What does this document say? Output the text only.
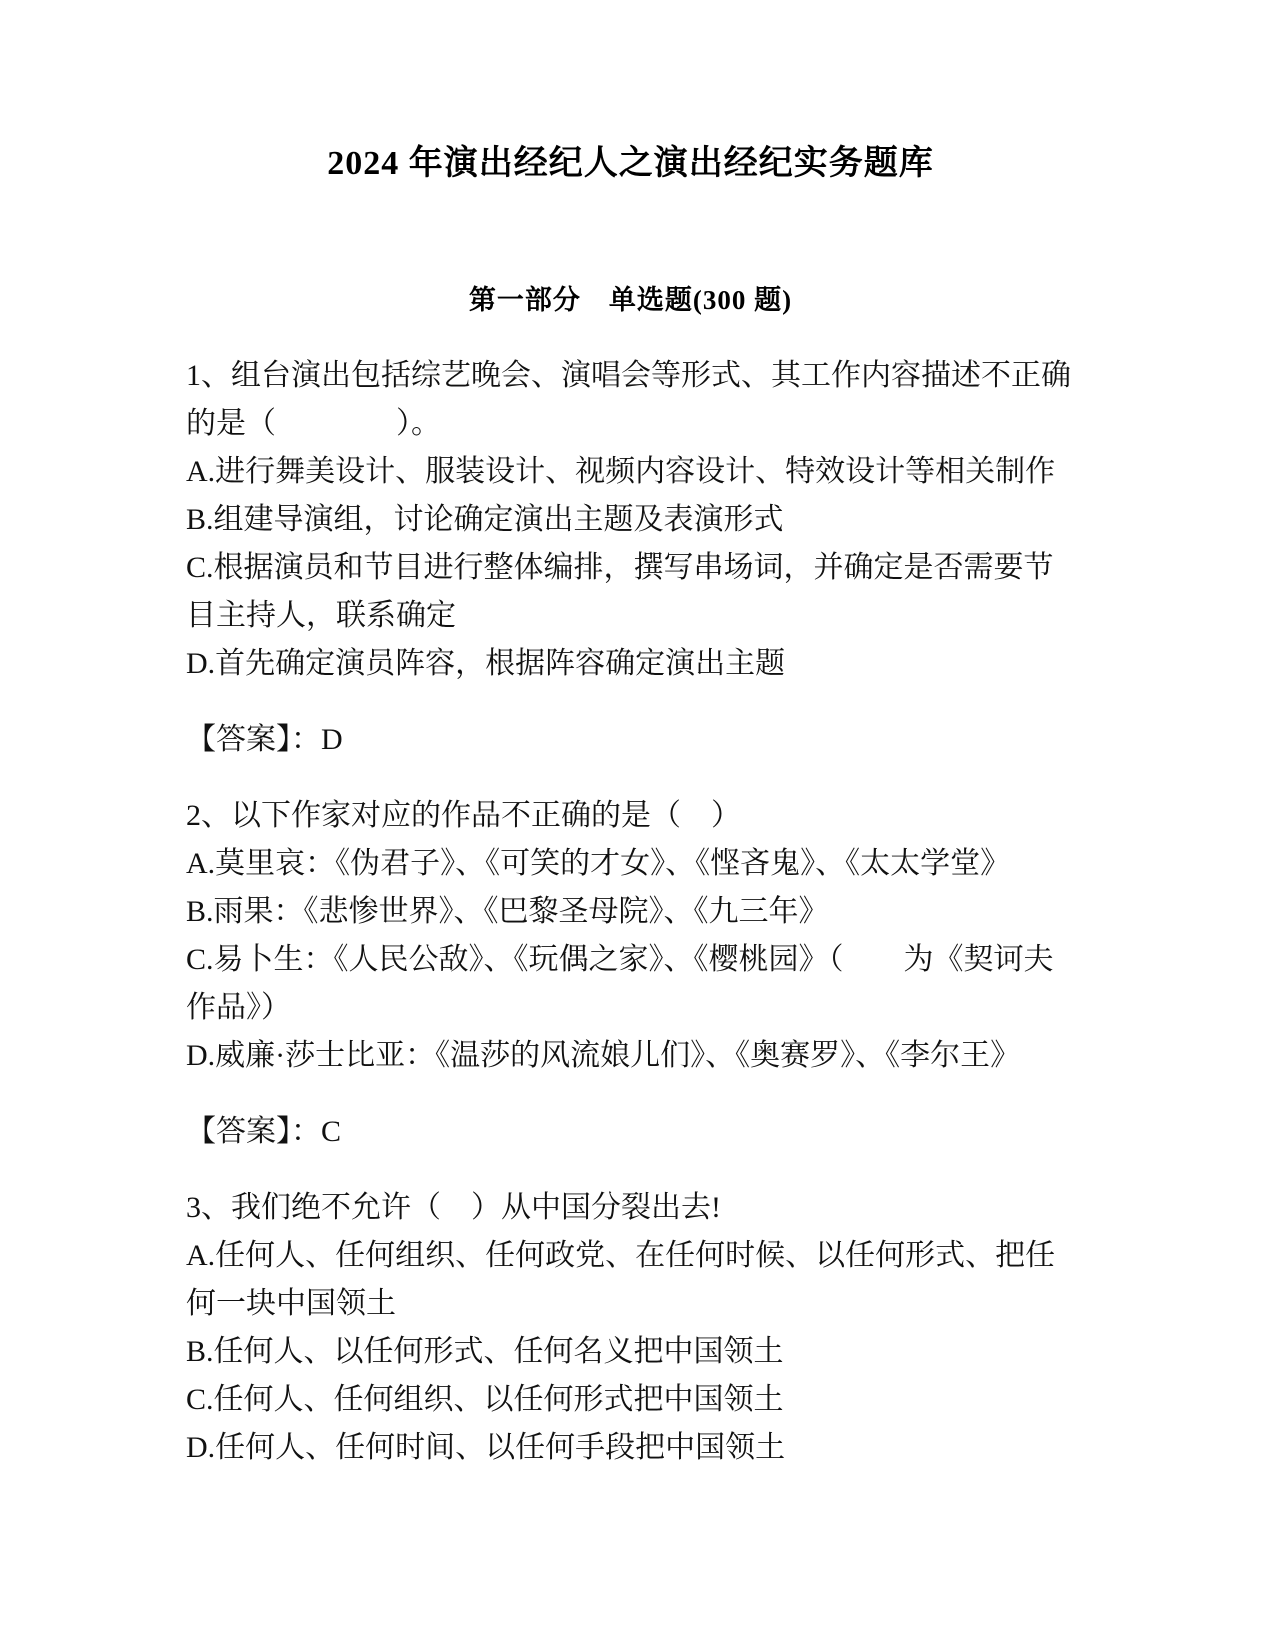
2024 年演出经纪人之演出经纪实务题库
第一部分　单选题(300 题)

1、组台演出包括综艺晚会、演唱会等形式、其工作内容描述不正确的是（　　　　）。

A.进行舞美设计、服装设计、视频内容设计、特效设计等相关制作

B.组建导演组，讨论确定演出主题及表演形式

C.根据演员和节目进行整体编排，撰写串场词，并确定是否需要节目主持人，联系确定

D.首先确定演员阵容，根据阵容确定演出主题

【答案】：D

2、以下作家对应的作品不正确的是（　）

A.莫里哀：《伪君子》、《可笑的才女》、《悭吝鬼》、《太太学堂》

B.雨果：《悲惨世界》、《巴黎圣母院》、《九三年》

C.易卜生：《人民公敌》、《玩偶之家》、《樱桃园》（　　为《契诃夫作品》）

D.威廉·莎士比亚：《温莎的风流娘儿们》、《奥赛罗》、《李尔王》

【答案】：C

3、我们绝不允许（　）从中国分裂出去!

A.任何人、任何组织、任何政党、在任何时候、以任何形式、把任何一块中国领土

B.任何人、以任何形式、任何名义把中国领土

C.任何人、任何组织、以任何形式把中国领土

D.任何人、任何时间、以任何手段把中国领土
